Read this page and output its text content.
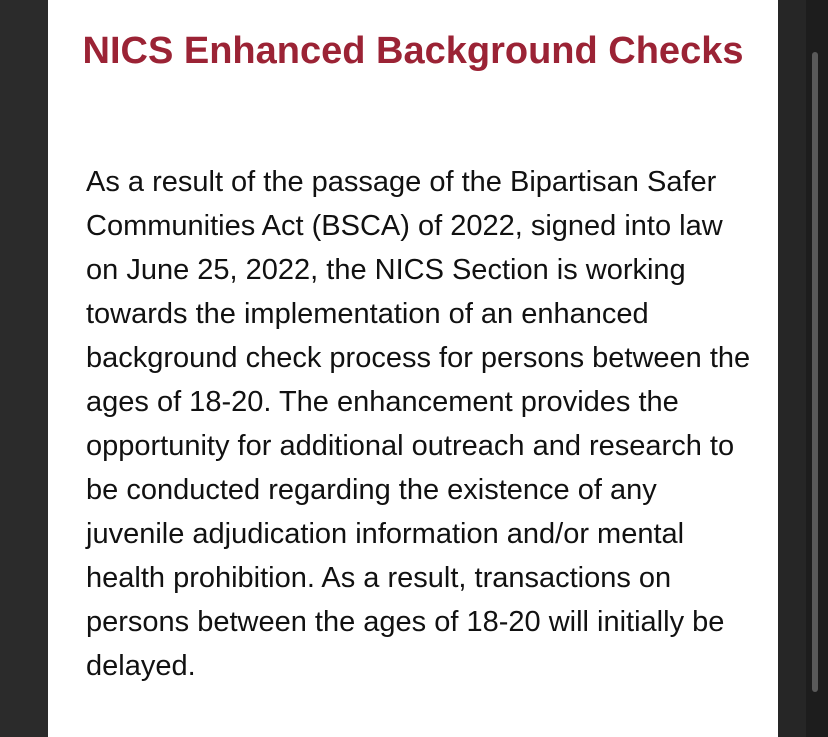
NICS Enhanced Background Checks

As a result of the passage of the Bipartisan Safer Communities Act (BSCA) of 2022, signed into law on June 25, 2022, the NICS Section is working towards the implementation of an enhanced background check process for persons between the ages of 18-20. The enhancement provides the opportunity for additional outreach and research to be conducted regarding the existence of any juvenile adjudication information and/or mental health prohibition. As a result, transactions on persons between the ages of 18-20 will initially be delayed.
